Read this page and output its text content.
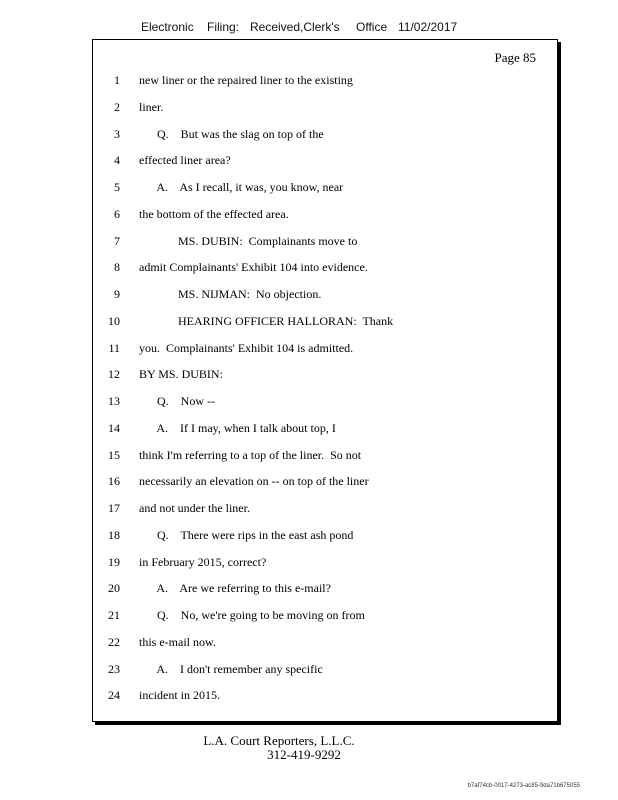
Electronic Filing: Received,Clerk's Office 11/02/2017
Page 85
1 new liner or the repaired liner to the existing
2 liner.
3 Q.    But was the slag on top of the
4 effected liner area?
5 A.    As I recall, it was, you know, near
6 the bottom of the effected area.
7 MS. DUBIN:  Complainants move to
8 admit Complainants' Exhibit 104 into evidence.
9 MS. NIJMAN:  No objection.
10 HEARING OFFICER HALLORAN:  Thank
11 you.  Complainants' Exhibit 104 is admitted.
12 BY MS. DUBIN:
13 Q.    Now --
14 A.    If I may, when I talk about top, I
15 think I'm referring to a top of the liner.  So not
16 necessarily an elevation on -- on top of the liner
17 and not under the liner.
18 Q.    There were rips in the east ash pond
19 in February 2015, correct?
20 A.    Are we referring to this e-mail?
21 Q.    No, we're going to be moving on from
22 this e-mail now.
23 A.    I don't remember any specific
24 incident in 2015.
L.A. Court Reporters, L.L.C.
312-419-9292
b7af74cb-0017-4273-ac85-9da71b675055
